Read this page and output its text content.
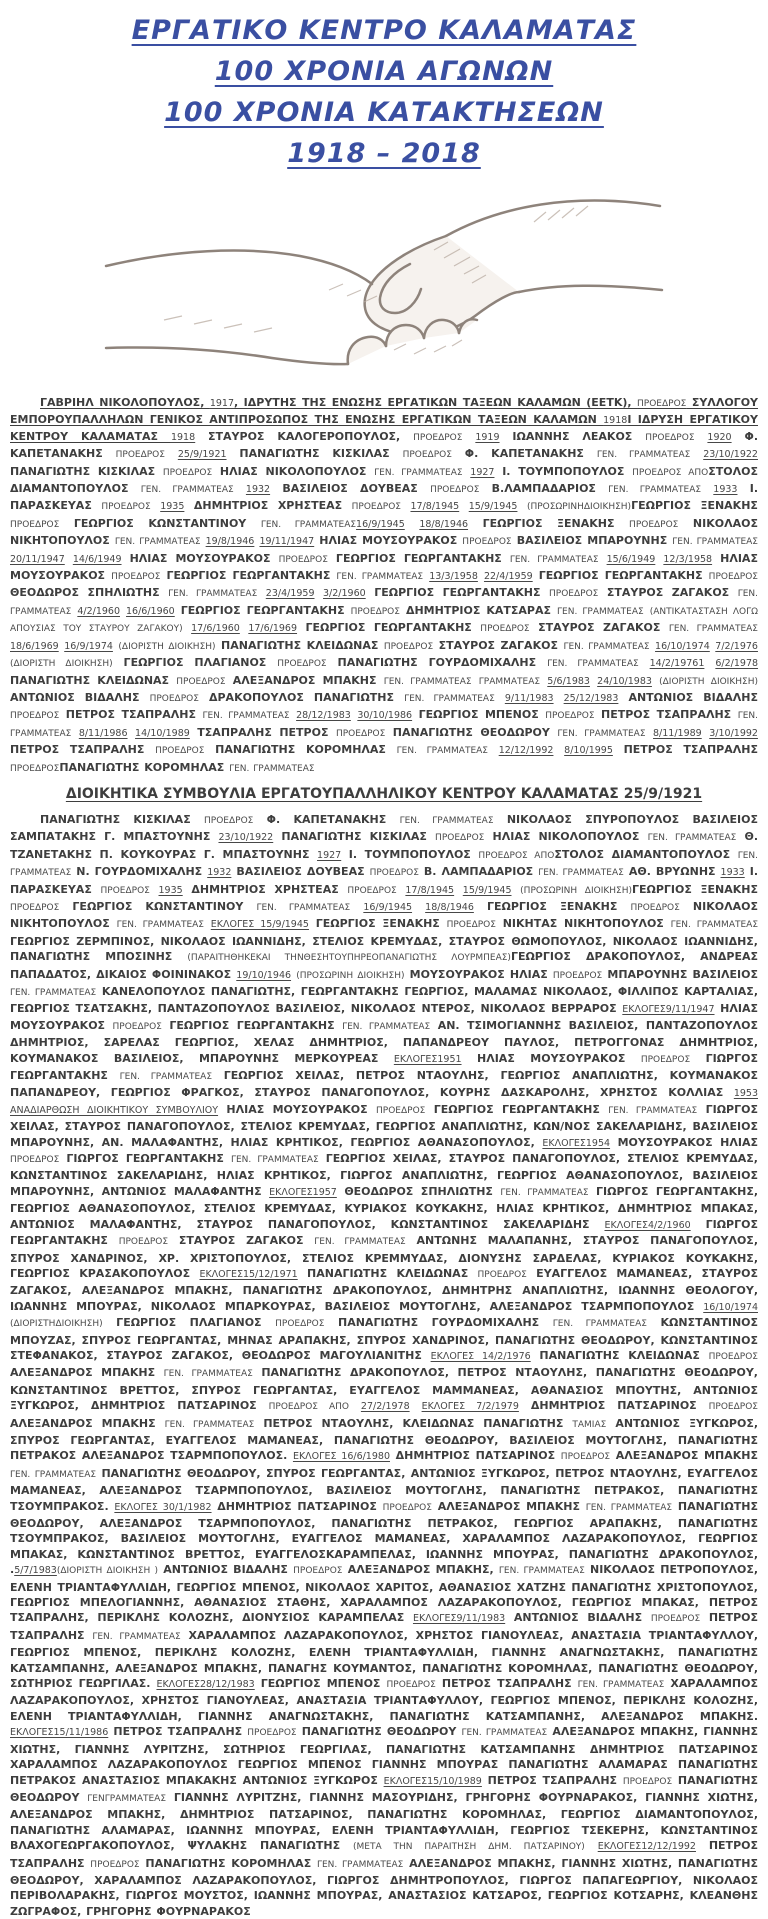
ΕΡΓΑΤΙΚΟ ΚΕΝΤΡΟ ΚΑΛΑΜΑΤΑΣ
100 ΧΡΟΝΙΑ ΑΓΩΝΩΝ
100 ΧΡΟΝΙΑ ΚΑΤΑΚΤΗΣΕΩΝ
1918 – 2018

ΓΑΒΡΙΗΛ ΝΙΚΟΛΟΠΟΥΛΟΣ, 1917, ΙΔΡΥΤΗΣ ΤΗΣ ΕΝΩΣΗΣ ΕΡΓΑΤΙΚΩΝ ΤΑΞΕΩΝ ΚΑΛΑΜΩΝ (ΕΕΤΚ), ΠΡΟΕΔΡΟΣ ΣΥΛΛΟΓΟΥ ΕΜΠΟΡΟΥΠΑΛΛΗΛΩΝ ΓΕΝΙΚΟΣ ΑΝΤΙΠΡΟΣΩΠΟΣ ΤΗΣ ΕΝΩΣΗΣ ΕΡΓΑΤΙΚΩΝ ΤΑΞΕΩΝ ΚΑΛΑΜΩΝ 1918Ι ΙΔΡΥΣΗ ΕΡΓΑΤΙΚΟΥ ΚΕΝΤΡΟΥ ΚΑΛΑΜΑΤΑΣ 1918 ΣΤΑΥΡΟΣ ΚΑΛΟΓΕΡΟΠΟΥΛΟΣ, ΠΡΟΕΔΡΟΣ 1919 ΙΩΑΝΝΗΣ ΛΕΑΚΟΣ ΠΡΟΕΔΡΟΣ 1920 Φ. ΚΑΠΕΤΑΝΑΚΗΣ ΠΡΟΕΔΡΟΣ 25/9/1921 ΠΑΝΑΓΙΩΤΗΣ ΚΙΣΚΙΛΑΣ ΠΡΟΕΔΡΟΣ Φ. ΚΑΠΕΤΑΝΑΚΗΣ ΓΕΝ. ΓΡΑΜΜΑΤΕΑΣ 23/10/1922 ΠΑΝΑΓΙΩΤΗΣ ΚΙΣΚΙΛΑΣ ΠΡΟΕΔΡΟΣ ΗΛΙΑΣ ΝΙΚΟΛΟΠΟΥΛΟΣ ΓΕΝ. ΓΡΑΜΜΑΤΕΑΣ 1927 Ι. ΤΟΥΜΠΟΠΟΥΛΟΣ ΠΡΟΕΔΡΟΣ ΑΠΟΣΤΟΛΟΣ ΔΙΑΜΑΝΤΟΠΟΥΛΟΣ ΓΕΝ. ΓΡΑΜΜΑΤΕΑΣ 1932 ΒΑΣΙΛΕΙΟΣ ΔΟΥΒΕΑΣ ΠΡΟΕΔΡΟΣ Β.ΛΑΜΠΑΔΑΡΙΟΣ ΓΕΝ. ΓΡΑΜΜΑΤΕΑΣ 1933 Ι. ΠΑΡΑΣΚΕΥΑΣ ΠΡΟΕΔΡΟΣ 1935 ΔΗΜΗΤΡΙΟΣ ΧΡΗΣΤΕΑΣ ΠΡΟΕΔΡΟΣ 17/8/1945 15/9/1945 (ΠΡΟΣΩΡΙΝΗΔΙΟΙΚΗΣΗ)ΓΕΩΡΓΙΟΣ ΞΕΝΑΚΗΣ ΠΡΟΕΔΡΟΣ ΓΕΩΡΓΙΟΣ ΚΩΝΣΤΑΝΤΙΝΟΥ ΓΕΝ. ΓΡΑΜΜΑΤΕΑΣ16/9/1945 18/8/1946 ΓΕΩΡΓΙΟΣ ΞΕΝΑΚΗΣ ΠΡΟΕΔΡΟΣ ΝΙΚΟΛΑΟΣ ΝΙΚΗΤΟΠΟΥΛΟΣ ΓΕΝ. ΓΡΑΜΜΑΤΕΑΣ 19/8/1946 19/11/1947 ΗΛΙΑΣ ΜΟΥΣΟΥΡΑΚΟΣ ΠΡΟΕΔΡΟΣ ΒΑΣΙΛΕΙΟΣ ΜΠΑΡΟΥΝΗΣ ΓΕΝ. ΓΡΑΜΜΑΤΕΑΣ 20/11/1947 14/6/1949 ΗΛΙΑΣ ΜΟΥΣΟΥΡΑΚΟΣ ΠΡΟΕΔΡΟΣ ΓΕΩΡΓΙΟΣ ΓΕΩΡΓΑΝΤΑΚΗΣ ΓΕΝ. ΓΡΑΜΜΑΤΕΑΣ 15/6/1949 12/3/1958 ΗΛΙΑΣ ΜΟΥΣΟΥΡΑΚΟΣ ΠΡΟΕΔΡΟΣ ΓΕΩΡΓΙΟΣ ΓΕΩΡΓΑΝΤΑΚΗΣ ΓΕΝ. ΓΡΑΜΜΑΤΕΑΣ 13/3/1958 22/4/1959 ΓΕΩΡΓΙΟΣ ΓΕΩΡΓΑΝΤΑΚΗΣ ΠΡΟΕΔΡΟΣ ΘΕΟΔΩΡΟΣ ΣΠΗΛΙΩΤΗΣ ΓΕΝ. ΓΡΑΜΜΑΤΕΑΣ 23/4/1959 3/2/1960 ΓΕΩΡΓΙΟΣ ΓΕΩΡΓΑΝΤΑΚΗΣ ΠΡΟΕΔΡΟΣ ΣΤΑΥΡΟΣ ΖΑΓΑΚΟΣ ΓΕΝ. ΓΡΑΜΜΑΤΕΑΣ 4/2/1960 16/6/1960 ΓΕΩΡΓΙΟΣ ΓΕΩΡΓΑΝΤΑΚΗΣ ΠΡΟΕΔΡΟΣ ΔΗΜΗΤΡΙΟΣ ΚΑΤΣΑΡΑΣ ΓΕΝ. ΓΡΑΜΜΑΤΕΑΣ (ΑΝΤΙΚΑΤΑΣΤΑΣΗ ΛΟΓΩ ΑΠΟΥΣΙΑΣ ΤΟΥ ΣΤΑΥΡΟΥ ΖΑΓΑΚΟΥ) 17/6/1960 17/6/1969 ΓΕΩΡΓΙΟΣ ΓΕΩΡΓΑΝΤΑΚΗΣ ΠΡΟΕΔΡΟΣ ΣΤΑΥΡΟΣ ΖΑΓΑΚΟΣ ΓΕΝ. ΓΡΑΜΜΑΤΕΑΣ 18/6/1969 16/9/1974 (ΔΙΟΡΙΣΤΗ ΔΙΟΙΚΗΣΗ) ΠΑΝΑΓΙΩΤΗΣ ΚΛΕΙΔΩΝΑΣ ΠΡΟΕΔΡΟΣ ΣΤΑΥΡΟΣ ΖΑΓΑΚΟΣ ΓΕΝ. ΓΡΑΜΜΑΤΕΑΣ 16/10/1974 7/2/1976 (ΔΙΟΡΙΣΤΗ ΔΙΟΙΚΗΣΗ) ΓΕΩΡΓΙΟΣ ΠΛΑΓΙΑΝΟΣ ΠΡΟΕΔΡΟΣ ΠΑΝΑΓΙΩΤΗΣ ΓΟΥΡΔΟΜΙΧΑΛΗΣ ΓΕΝ. ΓΡΑΜΜΑΤΕΑΣ 14/2/19761 6/2/1978 ΠΑΝΑΓΙΩΤΗΣ ΚΛΕΙΔΩΝΑΣ ΠΡΟΕΔΡΟΣ ΑΛΕΞΑΝΔΡΟΣ ΜΠΑΚΗΣ ΓΕΝ. ΓΡΑΜΜΑΤΕΑΣ ΓΡΑΜΜΑΤΕΑΣ 5/6/1983 24/10/1983 (ΔΙΟΡΙΣΤΗ ΔΙΟΙΚΗΣΗ) ΑΝΤΩΝΙΟΣ ΒΙΔΑΛΗΣ ΠΡΟΕΔΡΟΣ ΔΡΑΚΟΠΟΥΛΟΣ ΠΑΝΑΓΙΩΤΗΣ ΓΕΝ. ΓΡΑΜΜΑΤΕΑΣ 9/11/1983 25/12/1983 ΑΝΤΩΝΙΟΣ ΒΙΔΑΛΗΣ ΠΡΟΕΔΡΟΣ ΠΕΤΡΟΣ ΤΣΑΠΡΑΛΗΣ ΓΕΝ. ΓΡΑΜΜΑΤΕΑΣ 28/12/1983 30/10/1986 ΓΕΩΡΓΙΟΣ ΜΠΕΝΟΣ ΠΡΟΕΔΡΟΣ ΠΕΤΡΟΣ ΤΣΑΠΡΑΛΗΣ ΓΕΝ. ΓΡΑΜΜΑΤΕΑΣ 8/11/1986 14/10/1989 ΤΣΑΠΡΑΛΗΣ ΠΕΤΡΟΣ ΠΡΟΕΔΡΟΣ ΠΑΝΑΓΙΩΤΗΣ ΘΕΟΔΩΡΟΥ ΓΕΝ. ΓΡΑΜΜΑΤΕΑΣ 8/11/1989 3/10/1992 ΠΕΤΡΟΣ ΤΣΑΠΡΑΛΗΣ ΠΡΟΕΔΡΟΣ ΠΑΝΑΓΙΩΤΗΣ ΚΟΡΟΜΗΛΑΣ ΓΕΝ. ΓΡΑΜΜΑΤΕΑΣ 12/12/1992 8/10/1995 ΠΕΤΡΟΣ ΤΣΑΠΡΑΛΗΣ ΠΡΟΕΔΡΟΣΠΑΝΑΓΙΩΤΗΣ ΚΟΡΟΜΗΛΑΣ ΓΕΝ. ΓΡΑΜΜΑΤΕΑΣ

ΔΙΟΙΚΗΤΙΚΑ ΣΥΜΒΟΥΛΙΑ ΕΡΓΑΤΟΥΠΑΛΛΗΛΙΚΟΥ ΚΕΝΤΡΟΥ ΚΑΛΑΜΑΤΑΣ 25/9/1921

ΠΑΝΑΓΙΩΤΗΣ ΚΙΣΚΙΛΑΣ ΠΡΟΕΔΡΟΣ Φ. ΚΑΠΕΤΑΝΑΚΗΣ ΓΕΝ. ΓΡΑΜΜΑΤΕΑΣ ΝΙΚΟΛΑΟΣ ΣΠΥΡΟΠΟΥΛΟΣ ΒΑΣΙΛΕΙΟΣ ΣΑΜΠΑΤΑΚΗΣ Γ. ΜΠΑΣΤΟΥΝΗΣ 23/10/1922 ΠΑΝΑΓΙΩΤΗΣ ΚΙΣΚΙΛΑΣ ΠΡΟΕΔΡΟΣ ΗΛΙΑΣ ΝΙΚΟΛΟΠΟΥΛΟΣ ΓΕΝ. ΓΡΑΜΜΑΤΕΑΣ Θ. ΤΖΑΝΕΤΑΚΗΣ Π. ΚΟΥΚΟΥΡΑΣ Γ. ΜΠΑΣΤΟΥΝΗΣ 1927 Ι. ΤΟΥΜΠΟΠΟΥΛΟΣ ΠΡΟΕΔΡΟΣ ΑΠΟΣΤΟΛΟΣ ΔΙΑΜΑΝΤΟΠΟΥΛΟΣ ΓΕΝ. ΓΡΑΜΜΑΤΕΑΣ Ν. ΓΟΥΡΔΟΜΙΧΑΛΗΣ 1932 ΒΑΣΙΛΕΙΟΣ ΔΟΥΒΕΑΣ ΠΡΟΕΔΡΟΣ Β. ΛΑΜΠΑΔΑΡΙΟΣ ΓΕΝ. ΓΡΑΜΜΑΤΕΑΣ ΑΘ. ΒΡΥΩΝΗΣ 1933 Ι. ΠΑΡΑΣΚΕΥΑΣ ΠΡΟΕΔΡΟΣ 1935 ΔΗΜΗΤΡΙΟΣ ΧΡΗΣΤΕΑΣ ΠΡΟΕΔΡΟΣ 17/8/1945 15/9/1945 (ΠΡΟΣΩΡΙΝΗ ΔΙΟΙΚΗΣΗ)ΓΕΩΡΓΙΟΣ ΞΕΝΑΚΗΣ ΠΡΟΕΔΡΟΣ ΓΕΩΡΓΙΟΣ ΚΩΝΣΤΑΝΤΙΝΟΥ ΓΕΝ. ΓΡΑΜΜΑΤΕΑΣ 16/9/1945 18/8/1946 ΓΕΩΡΓΙΟΣ ΞΕΝΑΚΗΣ ΠΡΟΕΔΡΟΣ ΝΙΚΟΛΑΟΣ ΝΙΚΗΤΟΠΟΥΛΟΣ ΓΕΝ. ΓΡΑΜΜΑΤΕΑΣ ΕΚΛΟΓΕΣ 15/9/1945 ΓΕΩΡΓΙΟΣ ΞΕΝΑΚΗΣ ΠΡΟΕΔΡΟΣ ΝΙΚΗΤΑΣ ΝΙΚΗΤΟΠΟΥΛΟΣ ΓΕΝ. ΓΡΑΜΜΑΤΕΑΣ ΓΕΩΡΓΙΟΣ ΖΕΡΜΠΙΝΟΣ, ΝΙΚΟΛΑΟΣ ΙΩΑΝΝΙΔΗΣ, ΣΤΕΛΙΟΣ ΚΡΕΜΥΔΑΣ, ΣΤΑΥΡΟΣ ΘΩΜΟΠΟΥΛΟΣ, ΝΙΚΟΛΑΟΣ ΙΩΑΝΝΙΔΗΣ, ΠΑΝΑΓΙΩΤΗΣ ΜΠΟΣΙΝΗΣ (ΠΑΡΑΙΤΗΘΗΚΕΚΑΙ ΤΗΝΘΕΣΗΤΟΥΠΗΡΕΟΠΑΝΑΓΙΩΤΗΣ ΛΟΥΡΜΠΕΑΣ)ΓΕΩΡΓΙΟΣ ΔΡΑΚΟΠΟΥΛΟΣ, ΑΝΔΡΕΑΣ ΠΑΠΑΔΑΤΟΣ, ΔΙΚΑΙΟΣ ΦΟΙΝΙΝΑΚΟΣ 19/10/1946 (ΠΡΟΣΩΡΙΝΗ ΔΙΟΙΚΗΣΗ) ΜΟΥΣΟΥΡΑΚΟΣ ΗΛΙΑΣ ΠΡΟΕΔΡΟΣ ΜΠΑΡΟΥΝΗΣ ΒΑΣΙΛΕΙΟΣ ΓΕΝ. ΓΡΑΜΜΑΤΕΑΣ ΚΑΝΕΛΟΠΟΥΛΟΣ ΠΑΝΑΓΙΩΤΗΣ, ΓΕΩΡΓΑΝΤΑΚΗΣ ΓΕΩΡΓΙΟΣ, ΜΑΛΑΜΑΣ ΝΙΚΟΛΑΟΣ, ΦΙΛΛΙΠΟΣ ΚΑΡΤΑΛΙΑΣ, ΓΕΩΡΓΙΟΣ ΤΣΑΤΣΑΚΗΣ, ΠΑΝΤΑΖΟΠΟΥΛΟΣ ΒΑΣΙΛΕΙΟΣ, ΝΙΚΟΛΑΟΣ ΝΤΕΡΟΣ, ΝΙΚΟΛΑΟΣ ΒΕΡΡΑΡΟΣ ΕΚΛΟΓΕΣ9/11/1947 ΗΛΙΑΣ ΜΟΥΣΟΥΡΑΚΟΣ ΠΡΟΕΔΡΟΣ ΓΕΩΡΓΙΟΣ ΓΕΩΡΓΑΝΤΑΚΗΣ ΓΕΝ. ΓΡΑΜΜΑΤΕΑΣ ΑΝ. ΤΣΙΜΟΓΙΑΝΝΗΣ ΒΑΣΙΛΕΙΟΣ, ΠΑΝΤΑΖΟΠΟΥΛΟΣ ΔΗΜΗΤΡΙΟΣ, ΣΑΡΕΛΑΣ ΓΕΩΡΓΙΟΣ, ΧΕΛΑΣ ΔΗΜΗΤΡΙΟΣ, ΠΑΠΑΝΔΡΕΟΥ ΠΑΥΛΟΣ, ΠΕΤΡΟΓΓΟΝΑΣ ΔΗΜΗΤΡΙΟΣ, ΚΟΥΜΑΝΑΚΟΣ ΒΑΣΙΛΕΙΟΣ, ΜΠΑΡΟΥΝΗΣ ΜΕΡΚΟΥΡΕΑΣ ΕΚΛΟΓΕΣ1951 ΗΛΙΑΣ ΜΟΥΣΟΥΡΑΚΟΣ ΠΡΟΕΔΡΟΣ ΓΙΩΡΓΟΣ ΓΕΩΡΓΑΝΤΑΚΗΣ ΓΕΝ. ΓΡΑΜΜΑΤΕΑΣ ΓΕΩΡΓΙΟΣ ΧΕΙΛΑΣ, ΠΕΤΡΟΣ ΝΤΑΟΥΛΗΣ, ΓΕΩΡΓΙΟΣ ΑΝΑΠΛΙΩΤΗΣ, ΚΟΥΜΑΝΑΚΟΣ ΠΑΠΑΝΔΡΕΟΥ, ΓΕΩΡΓΙΟΣ ΦΡΑΓΚΟΣ, ΣΤΑΥΡΟΣ ΠΑΝΑΓΟΠΟΥΛΟΣ, ΚΟΥΡΗΣ ΔΑΣΚΑΡΟΛΗΣ, ΧΡΗΣΤΟΣ ΚΟΛΛΙΑΣ 1953 ΑΝΑΔΙΑΡΘΩΣΗ ΔΙΟΙΚΗΤΙΚΟΥ ΣΥΜΒΟΥΛΙΟΥ ΗΛΙΑΣ ΜΟΥΣΟΥΡΑΚΟΣ ΠΡΟΕΔΡΟΣ ΓΕΩΡΓΙΟΣ ΓΕΩΡΓΑΝΤΑΚΗΣ ΓΕΝ. ΓΡΑΜΜΑΤΕΑΣ ΓΙΩΡΓΟΣ ΧΕΙΛΑΣ, ΣΤΑΥΡΟΣ ΠΑΝΑΓΟΠΟΥΛΟΣ, ΣΤΕΛΙΟΣ ΚΡΕΜΥΔΑΣ, ΓΕΩΡΓΙΟΣ ΑΝΑΠΛΙΩΤΗΣ, ΚΩΝ/ΝΟΣ ΣΑΚΕΛΑΡΙΔΗΣ, ΒΑΣΙΛΕΙΟΣ ΜΠΑΡΟΥΝΗΣ, ΑΝ. ΜΑΛΑΦΑΝΤΗΣ, ΗΛΙΑΣ ΚΡΗΤΙΚΟΣ, ΓΕΩΡΓΙΟΣ ΑΘΑΝΑΣΟΠΟΥΛΟΣ, ΕΚΛΟΓΕΣ1954 ΜΟΥΣΟΥΡΑΚΟΣ ΗΛΙΑΣ ΠΡΟΕΔΡΟΣ ΓΙΩΡΓΟΣ ΓΕΩΡΓΑΝΤΑΚΗΣ ΓΕΝ. ΓΡΑΜΜΑΤΕΑΣ ΓΕΩΡΓΙΟΣ ΧΕΙΛΑΣ, ΣΤΑΥΡΟΣ ΠΑΝΑΓΟΠΟΥΛΟΣ, ΣΤΕΛΙΟΣ ΚΡΕΜΥΔΑΣ, ΚΩΝΣΤΑΝΤΙΝΟΣ ΣΑΚΕΛΑΡΙΔΗΣ, ΗΛΙΑΣ ΚΡΗΤΙΚΟΣ, ΓΙΩΡΓΟΣ ΑΝΑΠΛΙΩΤΗΣ, ΓΕΩΡΓΙΟΣ ΑΘΑΝΑΣΟΠΟΥΛΟΣ, ΒΑΣΙΛΕΙΟΣ ΜΠΑΡΟΥΝΗΣ, ΑΝΤΩΝΙΟΣ ΜΑΛΑΦΑΝΤΗΣ ΕΚΛΟΓΕΣ1957 ΘΕΟΔΩΡΟΣ ΣΠΗΛΙΩΤΗΣ ΓΕΝ. ΓΡΑΜΜΑΤΕΑΣ ΓΙΩΡΓΟΣ ΓΕΩΡΓΑΝΤΑΚΗΣ, ΓΕΩΡΓΙΟΣ ΑΘΑΝΑΣΟΠΟΥΛΟΣ, ΣΤΕΛΙΟΣ ΚΡΕΜΥΔΑΣ, ΚΥΡΙΑΚΟΣ ΚΟΥΚΑΚΗΣ, ΗΛΙΑΣ ΚΡΗΤΙΚΟΣ, ΔΗΜΗΤΡΙΟΣ ΜΠΑΚΑΣ, ΑΝΤΩΝΙΟΣ ΜΑΛΑΦΑΝΤΗΣ, ΣΤΑΥΡΟΣ ΠΑΝΑΓΟΠΟΥΛΟΣ, ΚΩΝΣΤΑΝΤΙΝΟΣ ΣΑΚΕΛΑΡΙΔΗΣ ΕΚΛΟΓΕΣ4/2/1960 ΓΙΩΡΓΟΣ ΓΕΩΡΓΑΝΤΑΚΗΣ ΠΡΟΕΔΡΟΣ ΣΤΑΥΡΟΣ ΖΑΓΑΚΟΣ ΓΕΝ. ΓΡΑΜΜΑΤΕΑΣ ΑΝΤΩΝΗΣ ΜΑΛΑΠΑΝΗΣ, ΣΤΑΥΡΟΣ ΠΑΝΑΓΟΠΟΥΛΟΣ, ΣΠΥΡΟΣ ΧΑΝΔΡΙΝΟΣ, ΧΡ. ΧΡΙΣΤΟΠΟΥΛΟΣ, ΣΤΕΛΙΟΣ ΚΡΕΜΜΥΔΑΣ, ΔΙΟΝΥΣΗΣ ΣΑΡΔΕΛΑΣ, ΚΥΡΙΑΚΟΣ ΚΟΥΚΑΚΗΣ, ΓΕΩΡΓΙΟΣ ΚΡΑΣΑΚΟΠΟΥΛΟΣ ΕΚΛΟΓΕΣ15/12/1971 ΠΑΝΑΓΙΩΤΗΣ ΚΛΕΙΔΩΝΑΣ ΠΡΟΕΔΡΟΣ ΕΥΑΓΓΕΛΟΣ ΜΑΜΑΝΕΑΣ, ΣΤΑΥΡΟΣ ΖΑΓΑΚΟΣ, ΑΛΕΞΑΝΔΡΟΣ ΜΠΑΚΗΣ, ΠΑΝΑΓΙΩΤΗΣ ΔΡΑΚΟΠΟΥΛΟΣ, ΔΗΜΗΤΡΗΣ ΑΝΑΠΛΙΩΤΗΣ, ΙΩΑΝΝΗΣ ΘΕΟΛΟΓΟΥ, ΙΩΑΝΝΗΣ ΜΠΟΥΡΑΣ, ΝΙΚΟΛΑΟΣ ΜΠΑΡΚΟΥΡΑΣ, ΒΑΣΙΛΕΙΟΣ ΜΟΥΤΟΓΛΗΣ, ΑΛΕΞΑΝΔΡΟΣ ΤΣΑΡΜΠΟΠΟΥΛΟΣ 16/10/1974 (ΔΙΟΡΙΣΤΗΔΙΟΙΚΗΣΗ) ΓΕΩΡΓΙΟΣ ΠΛΑΓΙΑΝΟΣ ΠΡΟΕΔΡΟΣ ΠΑΝΑΓΙΩΤΗΣ ΓΟΥΡΔΟΜΙΧΑΛΗΣ ΓΕΝ. ΓΡΑΜΜΑΤΕΑΣ ΚΩΝΣΤΑΝΤΙΝΟΣ ΜΠΟΥΖΑΣ, ΣΠΥΡΟΣ ΓΕΩΡΓΑΝΤΑΣ, ΜΗΝΑΣ ΑΡΑΠΑΚΗΣ, ΣΠΥΡΟΣ ΧΑΝΔΡΙΝΟΣ, ΠΑΝΑΓΙΩΤΗΣ ΘΕΟΔΩΡΟΥ, ΚΩΝΣΤΑΝΤΙΝΟΣ ΣΤΕΦΑΝΑΚΟΣ, ΣΤΑΥΡΟΣ ΖΑΓΑΚΟΣ, ΘΕΟΔΩΡΟΣ ΜΑΓΟΥΛΙΑΝΙΤΗΣ ΕΚΛΟΓΕΣ 14/2/1976 ΠΑΝΑΓΙΩΤΗΣ ΚΛΕΙΔΩΝΑΣ ΠΡΟΕΔΡΟΣ ΑΛΕΞΑΝΔΡΟΣ ΜΠΑΚΗΣ ΓΕΝ. ΓΡΑΜΜΑΤΕΑΣ ΠΑΝΑΓΙΩΤΗΣ ΔΡΑΚΟΠΟΥΛΟΣ, ΠΕΤΡΟΣ ΝΤΑΟΥΛΗΣ, ΠΑΝΑΓΙΩΤΗΣ ΘΕΟΔΩΡΟΥ, ΚΩΝΣΤΑΝΤΙΝΟΣ ΒΡΕΤΤΟΣ, ΣΠΥΡΟΣ ΓΕΩΡΓΑΝΤΑΣ, ΕΥΑΓΓΕΛΟΣ ΜΑΜΜΑΝΕΑΣ, ΑΘΑΝΑΣΙΟΣ ΜΠΟΥΤΗΣ, ΑΝΤΩΝΙΟΣ ΞΥΓΚΩΡΟΣ, ΔΗΜΗΤΡΙΟΣ ΠΑΤΣΑΡΙΝΟΣ ΠΡΟΕΔΡΟΣ ΑΠΟ 27/2/1978 ΕΚΛΟΓΕΣ 7/2/1979 ΔΗΜΗΤΡΙΟΣ ΠΑΤΣΑΡΙΝΟΣ ΠΡΟΕΔΡΟΣ ΑΛΕΞΑΝΔΡΟΣ ΜΠΑΚΗΣ ΓΕΝ. ΓΡΑΜΜΑΤΕΑΣ ΠΕΤΡΟΣ ΝΤΑΟΥΛΗΣ, ΚΛΕΙΔΩΝΑΣ ΠΑΝΑΓΙΩΤΗΣ ΤΑΜΙΑΣ ΑΝΤΩΝΙΟΣ ΞΥΓΚΩΡΟΣ, ΣΠΥΡΟΣ ΓΕΩΡΓΑΝΤΑΣ, ΕΥΑΓΓΕΛΟΣ ΜΑΜΑΝΕΑΣ, ΠΑΝΑΓΙΩΤΗΣ ΘΕΟΔΩΡΟΥ, ΒΑΣΙΛΕΙΟΣ ΜΟΥΤΟΓΛΗΣ, ΠΑΝΑΓΙΩΤΗΣ ΠΕΤΡΑΚΟΣ ΑΛΕΞΑΝΔΡΟΣ ΤΣΑΡΜΠΟΠΟΥΛΟΣ. ΕΚΛΟΓΕΣ 16/6/1980 ΔΗΜΗΤΡΙΟΣ ΠΑΤΣΑΡΙΝΟΣ ΠΡΟΕΔΡΟΣ ΑΛΕΞΑΝΔΡΟΣ ΜΠΑΚΗΣ ΓΕΝ. ΓΡΑΜΜΑΤΕΑΣ ΠΑΝΑΓΙΩΤΗΣ ΘΕΟΔΩΡΟΥ, ΣΠΥΡΟΣ ΓΕΩΡΓΑΝΤΑΣ, ΑΝΤΩΝΙΟΣ ΞΥΓΚΩΡΟΣ, ΠΕΤΡΟΣ ΝΤΑΟΥΛΗΣ, ΕΥΑΓΓΕΛΟΣ ΜΑΜΑΝΕΑΣ, ΑΛΕΞΑΝΔΡΟΣ ΤΣΑΡΜΠΟΠΟΥΛΟΣ, ΒΑΣΙΛΕΙΟΣ ΜΟΥΤΟΓΛΗΣ, ΠΑΝΑΓΙΩΤΗΣ ΠΕΤΡΑΚΟΣ, ΠΑΝΑΓΙΩΤΗΣ ΤΣΟΥΜΠΡΑΚΟΣ. ΕΚΛΟΓΕΣ 30/1/1982 ΔΗΜΗΤΡΙΟΣ ΠΑΤΣΑΡΙΝΟΣ ΠΡΟΕΔΡΟΣ ΑΛΕΞΑΝΔΡΟΣ ΜΠΑΚΗΣ ΓΕΝ. ΓΡΑΜΜΑΤΕΑΣ ΠΑΝΑΓΙΩΤΗΣ ΘΕΟΔΩΡΟΥ, ΑΛΕΞΑΝΔΡΟΣ ΤΣΑΡΜΠΟΠΟΥΛΟΣ, ΠΑΝΑΓΙΩΤΗΣ ΠΕΤΡΑΚΟΣ, ΓΕΩΡΓΙΟΣ ΑΡΑΠΑΚΗΣ, ΠΑΝΑΓΙΩΤΗΣ ΤΣΟΥΜΠΡΑΚΟΣ, ΒΑΣΙΛΕΙΟΣ ΜΟΥΤΟΓΛΗΣ, ΕΥΑΓΓΕΛΟΣ ΜΑΜΑΝΕΑΣ, ΧΑΡΑΛΑΜΠΟΣ ΛΑΖΑΡΑΚΟΠΟΥΛΟΣ, ΓΕΩΡΓΙΟΣ ΜΠΑΚΑΣ, ΚΩΝΣΤΑΝΤΙΝΟΣ ΒΡΕΤΤΟΣ, ΕΥΑΓΓΕΛΟΣΚΑΡΑΜΠΕΛΑΣ, ΙΩΑΝΝΗΣ ΜΠΟΥΡΑΣ, ΠΑΝΑΓΙΩΤΗΣ ΔΡΑΚΟΠΟΥΛΟΣ, .5/7/1983(ΔΙΟΡΙΣΤΗ ΔΙΟΙΚΗΣΗ ) ΑΝΤΩΝΙΟΣ ΒΙΔΑΛΗΣ ΠΡΟΕΔΡΟΣ ΑΛΕΞΑΝΔΡΟΣ ΜΠΑΚΗΣ, ΓΕΝ. ΓΡΑΜΜΑΤΕΑΣ ΝΙΚΟΛΑΟΣ ΠΕΤΡΟΠΟΥΛΟΣ, ΕΛΕΝΗ ΤΡΙΑΝΤΑΦΥΛΛΙΔΗ, ΓΕΩΡΓΙΟΣ ΜΠΕΝΟΣ, ΝΙΚΟΛΑΟΣ ΧΑΡΙΤΟΣ, ΑΘΑΝΑΣΙΟΣ ΧΑΤΖΗΣ ΠΑΝΑΓΙΩΤΗΣ ΧΡΙΣΤΟΠΟΥΛΟΣ, ΓΕΩΡΓΙΟΣ ΜΠΕΛΟΓΙΑΝΝΗΣ, ΑΘΑΝΑΣΙΟΣ ΣΤΑΘΗΣ, ΧΑΡΑΛΑΜΠΟΣ ΛΑΖΑΡΑΚΟΠΟΥΛΟΣ, ΓΕΩΡΓΙΟΣ ΜΠΑΚΑΣ, ΠΕΤΡΟΣ ΤΣΑΠΡΑΛΗΣ, ΠΕΡΙΚΛΗΣ ΚΟΛΟΖΗΣ, ΔΙΟΝΥΣΙΟΣ ΚΑΡΑΜΠΕΛΑΣ ΕΚΛΟΓΕΣ9/11/1983 ΑΝΤΩΝΙΟΣ ΒΙΔΑΛΗΣ ΠΡΟΕΔΡΟΣ ΠΕΤΡΟΣ ΤΣΑΠΡΑΛΗΣ ΓΕΝ. ΓΡΑΜΜΑΤΕΑΣ ΧΑΡΑΛΑΜΠΟΣ ΛΑΖΑΡΑΚΟΠΟΥΛΟΣ, ΧΡΗΣΤΟΣ ΓΙΑΝΟΥΛΕΑΣ, ΑΝΑΣΤΑΣΙΑ ΤΡΙΑΝΤΑΦΥΛΛΟΥ, ΓΕΩΡΓΙΟΣ ΜΠΕΝΟΣ, ΠΕΡΙΚΛΗΣ ΚΟΛΟΖΗΣ, ΕΛΕΝΗ ΤΡΙΑΝΤΑΦΥΛΛΙΔΗ, ΓΙΑΝΝΗΣ ΑΝΑΓΝΩΣΤΑΚΗΣ, ΠΑΝΑΓΙΩΤΗΣ ΚΑΤΣΑΜΠΑΝΗΣ, ΑΛΕΞΑΝΔΡΟΣ ΜΠΑΚΗΣ, ΠΑΝΑΓΗΣ ΚΟΥΜΑΝΤΟΣ, ΠΑΝΑΓΙΩΤΗΣ ΚΟΡΟΜΗΛΑΣ, ΠΑΝΑΓΙΩΤΗΣ ΘΕΟΔΩΡΟΥ, ΣΩΤΗΡΙΟΣ ΓΕΩΡΓΙΛΑΣ. ΕΚΛΟΓΕΣ28/12/1983 ΓΕΩΡΓΙΟΣ ΜΠΕΝΟΣ ΠΡΟΕΔΡΟΣ ΠΕΤΡΟΣ ΤΣΑΠΡΑΛΗΣ ΓΕΝ. ΓΡΑΜΜΑΤΕΑΣ ΧΑΡΑΛΑΜΠΟΣ ΛΑΖΑΡΑΚΟΠΟΥΛΟΣ, ΧΡΗΣΤΟΣ ΓΙΑΝΟΥΛΕΑΣ, ΑΝΑΣΤΑΣΙΑ ΤΡΙΑΝΤΑΦΥΛΛΟΥ, ΓΕΩΡΓΙΟΣ ΜΠΕΝΟΣ, ΠΕΡΙΚΛΗΣ ΚΟΛΟΖΗΣ, ΕΛΕΝΗ ΤΡΙΑΝΤΑΦΥΛΛΙΔΗ, ΓΙΑΝΝΗΣ ΑΝΑΓΝΩΣΤΑΚΗΣ, ΠΑΝΑΓΙΩΤΗΣ ΚΑΤΣΑΜΠΑΝΗΣ, ΑΛΕΞΑΝΔΡΟΣ ΜΠΑΚΗΣ. ΕΚΛΟΓΕΣ15/11/1986 ΠΕΤΡΟΣ ΤΣΑΠΡΑΛΗΣ ΠΡΟΕΔΡΟΣ ΠΑΝΑΓΙΩΤΗΣ ΘΕΟΔΩΡΟΥ ΓΕΝ. ΓΡΑΜΜΑΤΕΑΣ ΑΛΕΞΑΝΔΡΟΣ ΜΠΑΚΗΣ, ΓΙΑΝΝΗΣ ΧΙΩΤΗΣ, ΓΙΑΝΝΗΣ ΛΥΡΙΤΖΗΣ, ΣΩΤΗΡΙΟΣ ΓΕΩΡΓΙΛΑΣ, ΠΑΝΑΓΙΩΤΗΣ ΚΑΤΣΑΜΠΑΝΗΣ ΔΗΜΗΤΡΙΟΣ ΠΑΤΣΑΡΙΝΟΣ ΧΑΡΑΛΑΜΠΟΣ ΛΑΖΑΡΑΚΟΠΟΥΛΟΣ ΓΕΩΡΓΙΟΣ ΜΠΕΝΟΣ ΓΙΑΝΝΗΣ ΜΠΟΥΡΑΣ ΠΑΝΑΓΙΩΤΗΣ ΑΛΑΜΑΡΑΣ ΠΑΝΑΓΙΩΤΗΣ ΠΕΤΡΑΚΟΣ ΑΝΑΣΤΑΣΙΟΣ ΜΠΑΚΑΚΗΣ ΑΝΤΩΝΙΟΣ ΞΥΓΚΩΡΟΣ ΕΚΛΟΓΕΣ15/10/1989 ΠΕΤΡΟΣ ΤΣΑΠΡΑΛΗΣ ΠΡΟΕΔΡΟΣ ΠΑΝΑΓΙΩΤΗΣ ΘΕΟΔΩΡΟΥ ΓΕΝΓΡΑΜΜΑΤΕΑΣ ΓΙΑΝΝΗΣ ΛΥΡΙΤΖΗΣ, ΓΙΑΝΝΗΣ ΜΑΣΟΥΡΙΔΗΣ, ΓΡΗΓΟΡΗΣ ΦΟΥΡΝΑΡΑΚΟΣ, ΓΙΑΝΝΗΣ ΧΙΩΤΗΣ, ΑΛΕΞΑΝΔΡΟΣ ΜΠΑΚΗΣ, ΔΗΜΗΤΡΙΟΣ ΠΑΤΣΑΡΙΝΟΣ, ΠΑΝΑΓΙΩΤΗΣ ΚΟΡΟΜΗΛΑΣ, ΓΕΩΡΓΙΟΣ ΔΙΑΜΑΝΤΟΠΟΥΛΟΣ, ΠΑΝΑΓΙΩΤΗΣ ΑΛΑΜΑΡΑΣ, ΙΩΑΝΝΗΣ ΜΠΟΥΡΑΣ, ΕΛΕΝΗ ΤΡΙΑΝΤΑΦΥΛΛΙΔΗ, ΓΕΩΡΓΙΟΣ ΤΣΕΚΕΡΗΣ, ΚΩΝΣΤΑΝΤΙΝΟΣ ΒΛΑΧΟΓΕΩΡΓΑΚΟΠΟΥΛΟΣ, ΨΥΛΑΚΗΣ ΠΑΝΑΓΙΩΤΗΣ (ΜΕΤΑ ΤΗΝ ΠΑΡΑΙΤΗΣΗ ΔΗΜ. ΠΑΤΣΑΡΙΝΟΥ) ΕΚΛΟΓΕΣ12/12/1992 ΠΕΤΡΟΣ ΤΣΑΠΡΑΛΗΣ ΠΡΟΕΔΡΟΣ ΠΑΝΑΓΙΩΤΗΣ ΚΟΡΟΜΗΛΑΣ ΓΕΝ. ΓΡΑΜΜΑΤΕΑΣ ΑΛΕΞΑΝΔΡΟΣ ΜΠΑΚΗΣ, ΓΙΑΝΝΗΣ ΧΙΩΤΗΣ, ΠΑΝΑΓΙΩΤΗΣ ΘΕΟΔΩΡΟΥ, ΧΑΡΑΛΑΜΠΟΣ ΛΑΖΑΡΑΚΟΠΟΥΛΟΣ, ΓΙΩΡΓΟΣ ΔΗΜΗΤΡΟΠΟΥΛΟΣ, ΓΙΩΡΓΟΣ ΠΑΠΑΓΕΩΡΓΙΟΥ, ΝΙΚΟΛΑΟΣ ΠΕΡΙΒΟΛΑΡΑΚΗΣ, ΓΙΩΡΓΟΣ ΜΟΥΣΤΟΣ, ΙΩΑΝΝΗΣ ΜΠΟΥΡΑΣ, ΑΝΑΣΤΑΣΙΟΣ ΚΑΤΣΑΡΟΣ, ΓΕΩΡΓΙΟΣ ΚΟΤΣΑΡΗΣ, ΚΛΕΑΝΘΗΣ ΖΩΓΡΑΦΟΣ, ΓΡΗΓΟΡΗΣ ΦΟΥΡΝΑΡΑΚΟΣ
